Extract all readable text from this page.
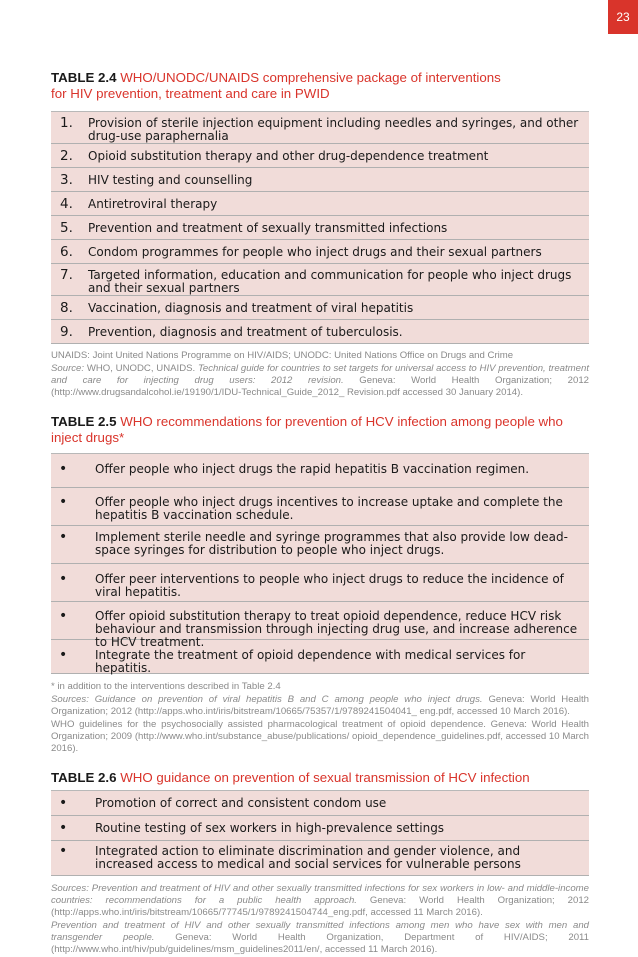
23

TABLE 2.4 WHO/UNODC/UNAIDS comprehensive package of interventions
for HIV prevention, treatment and care in PWID

1.	Provision of sterile injection equipment including needles and syringes, and other drug-use paraphernalia
2.	Opioid substitution therapy and other drug-dependence treatment
3.	HIV testing and counselling
4.	Antiretroviral therapy
5.	Prevention and treatment of sexually transmitted infections
6.	Condom programmes for people who inject drugs and their sexual partners
7.	Targeted information, education and communication for people who inject drugs and their sexual partners
8.	Vaccination, diagnosis and treatment of viral hepatitis
9.	Prevention, diagnosis and treatment of tuberculosis.

UNAIDS: Joint United Nations Programme on HIV/AIDS; UNODC: United Nations Office on Drugs and Crime

Source: WHO, UNODC, UNAIDS. Technical guide for countries to set targets for universal access to HIV prevention, treatment and care for injecting drug users: 2012 revision. Geneva: World Health Organization; 2012 (http://www.drugsandalcohol.ie/19190/1/IDU-Technical_Guide_2012_ Revision.pdf accessed 30 January 2014).

TABLE 2.5 WHO recommendations for prevention of HCV infection among people who inject drugs*

•	Offer people who inject drugs the rapid hepatitis B vaccination regimen.
•	Offer people who inject drugs incentives to increase uptake and complete the hepatitis B vaccination schedule.
•	Implement sterile needle and syringe programmes that also provide low dead-space syringes for distribution to people who inject drugs.
•	Offer peer interventions to people who inject drugs to reduce the incidence of viral hepatitis.
•	Offer opioid substitution therapy to treat opioid dependence, reduce HCV risk behaviour and transmission through injecting drug use, and increase adherence to HCV treatment.
•	Integrate the treatment of opioid dependence with medical services for hepatitis.

* in addition to the interventions described in Table 2.4

Sources: Guidance on prevention of viral hepatitis B and C among people who inject drugs. Geneva: World Health Organization; 2012 (http://apps.who.int/iris/bitstream/10665/75357/1/9789241504041_ eng.pdf, accessed 10 March 2016).

WHO guidelines for the psychosocially assisted pharmacological treatment of opioid dependence. Geneva: World Health Organization; 2009 (http://www.who.int/substance_abuse/publications/ opioid_dependence_guidelines.pdf, accessed 10 March 2016).

TABLE 2.6 WHO guidance on prevention of sexual transmission of HCV infection

•	Promotion of correct and consistent condom use
•	Routine testing of sex workers in high-prevalence settings
•	Integrated action to eliminate discrimination and gender violence, and increased access to medical and social services for vulnerable persons

Sources: Prevention and treatment of HIV and other sexually transmitted infections for sex workers in low- and middle-income countries: recommendations for a public health approach. Geneva: World Health Organization; 2012 (http://apps.who.int/iris/bitstream/10665/77745/1/9789241504744_eng.pdf, accessed 11 March 2016).

Prevention and treatment of HIV and other sexually transmitted infections among men who have sex with men and transgender people. Geneva: World Health Organization, Department of HIV/AIDS; 2011 (http://www.who.int/hiv/pub/guidelines/msm_guidelines2011/en/, accessed 11 March 2016).
